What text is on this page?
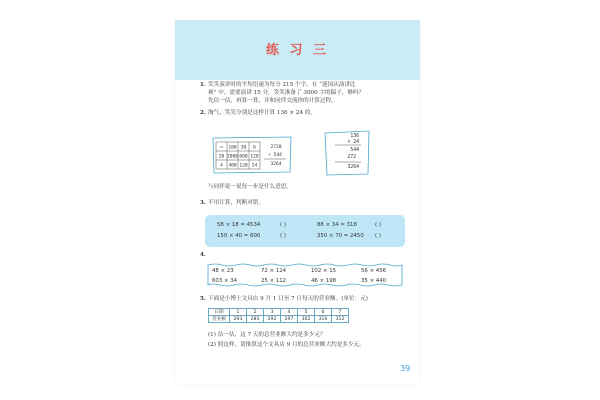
练 习 三
1. 笑笑演讲时的平均语速为每分 215 个字。在 “迎国庆演讲比
赛” 中，需要演讲 15 分，笑笑准备了 3000 字的稿子，够吗？
先估一估，再算一算，并和同伴交流你的计算过程。
2. 淘气、笑笑分别是这样计算 136 × 24 的。
× 100 30 6
20 2000 600 120
4 400 120 24
2720
+ 544
3264
136
× 24
544
272
3264
与同伴说一说每一步是什么意思。
3. 不用计算，判断对错。
58 × 18 = 4534	( )	88 × 34 = 318	( )
150 × 40 = 600	( )	350 × 70 = 2450 ( )
4.
48 × 23	72 × 124	102 × 15	56 × 456
603 × 34	25 × 112	46 × 198	35 × 440
5. 下面是小博士文具店 9 月 1 日至 7 日每天的营业额。(单位：元)
日期	1	2	3	4	5	6	7
营业额	293	285	292	297	302	316	312
(1) 估一估，这 7 天的总营业额大约是多少元？
(2) 照这样，请推算这个文具店 9 月的总营业额大约是多少元。
39
